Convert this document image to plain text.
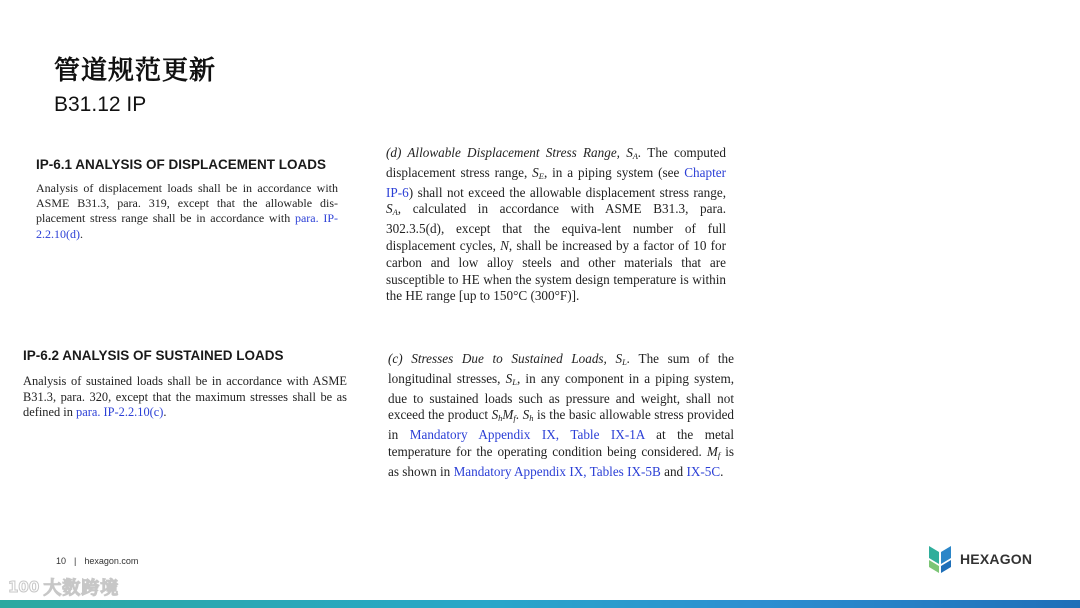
管道规范更新
B31.12 IP
IP-6.1 ANALYSIS OF DISPLACEMENT LOADS
Analysis of displacement loads shall be in accordance with ASME B31.3, para. 319, except that the allowable dis-placement stress range shall be in accordance with para. IP-2.2.10(d).
IP-6.2 ANALYSIS OF SUSTAINED LOADS
Analysis of sustained loads shall be in accordance with ASME B31.3, para. 320, except that the maximum stresses shall be as defined in para. IP-2.2.10(c).
(d) Allowable Displacement Stress Range, $S_A$. The computed displacement stress range, $S_E$, in a piping system (see Chapter IP-6) shall not exceed the allowable displacement stress range, $S_A$, calculated in accordance with ASME B31.3, para. 302.3.5(d), except that the equiva-lent number of full displacement cycles, N, shall be increased by a factor of 10 for carbon and low alloy steels and other materials that are susceptible to HE when the system design temperature is within the HE range [up to 150°C (300°F)].
(c) Stresses Due to Sustained Loads, $S_L$. The sum of the longitudinal stresses, $S_L$, in any component in a piping system, due to sustained loads such as pressure and weight, shall not exceed the product $S_hM_f$. $S_h$ is the basic allowable stress provided in Mandatory Appendix IX, Table IX-1A at the metal temperature for the operating condition being considered. $M_f$ is as shown in Mandatory Appendix IX, Tables IX-5B and IX-5C.
10 | hexagon.com	HEXAGON
100 大数跨境
